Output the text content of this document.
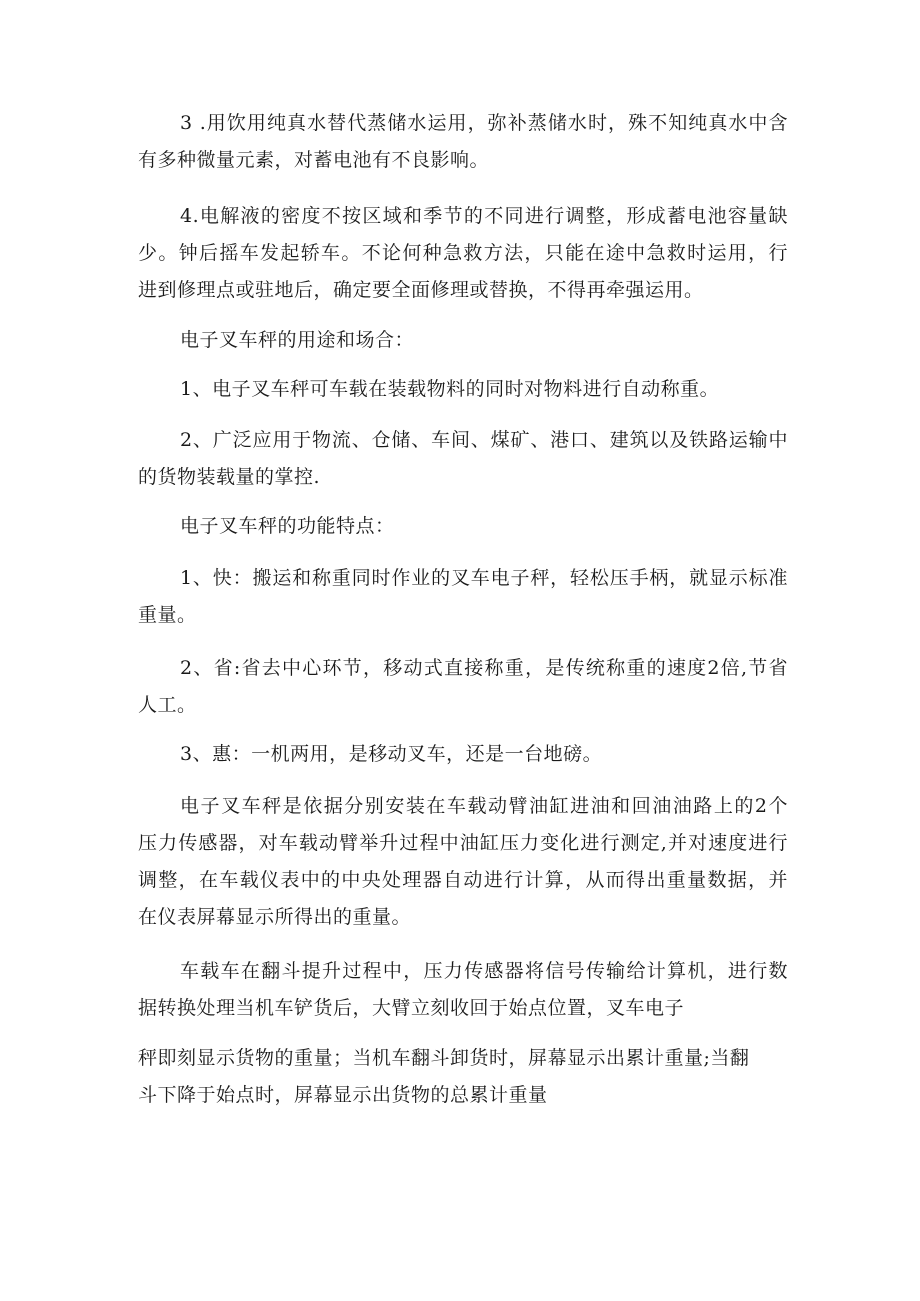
3 .用饮用纯真水替代蒸储水运用，弥补蒸储水时，殊不知纯真水中含
有多种微量元素，对蓄电池有不良影响。
4.电解液的密度不按区域和季节的不同进行调整，形成蓄电池容量缺
少。钟后摇车发起轿车。不论何种急救方法，只能在途中急救时运用，行
进到修理点或驻地后，确定要全面修理或替换，不得再牵强运用。
电子叉车秤的用途和场合：
1、电子叉车秤可车载在装载物料的同时对物料进行自动称重。
2、广泛应用于物流、仓储、车间、煤矿、港口、建筑以及铁路运输中
的货物装载量的掌控.
电子叉车秤的功能特点：
1、快：搬运和称重同时作业的叉车电子秤，轻松压手柄，就显示标准
重量。
2、省:省去中心环节，移动式直接称重，是传统称重的速度2倍,节省
人工。
3、惠：一机两用，是移动叉车，还是一台地磅。
电子叉车秤是依据分别安装在车载动臂油缸进油和回油油路上的2个
压力传感器，对车载动臂举升过程中油缸压力变化进行测定,并对速度进行
调整，在车载仪表中的中央处理器自动进行计算，从而得出重量数据，并
在仪表屏幕显示所得出的重量。
车载车在翻斗提升过程中，压力传感器将信号传输给计算机，进行数
据转换处理当机车铲货后，大臂立刻收回于始点位置，叉车电子
秤即刻显示货物的重量；当机车翻斗卸货时，屏幕显示出累计重量;当翻
斗下降于始点时，屏幕显示出货物的总累计重量
